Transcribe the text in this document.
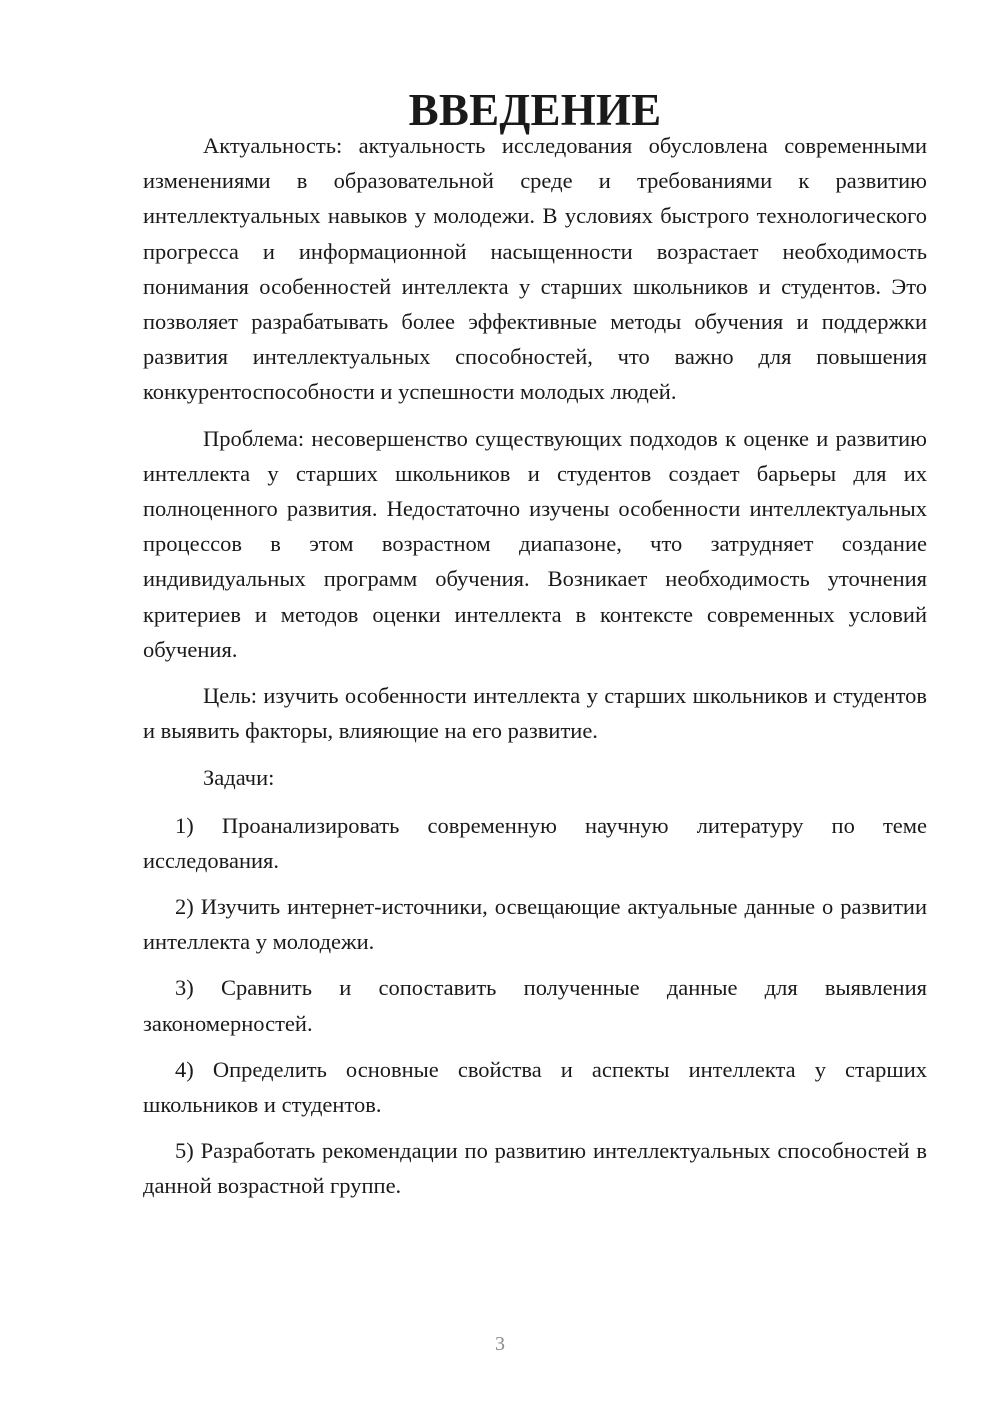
ВВЕДЕНИЕ

Актуальность: актуальность исследования обусловлена современными изменениями в образовательной среде и требованиями к развитию интеллектуальных навыков у молодежи. В условиях быстрого технологического прогресса и информационной насыщенности возрастает необходимость понимания особенностей интеллекта у старших школьников и студентов. Это позволяет разрабатывать более эффективные методы обучения и поддержки развития интеллектуальных способностей, что важно для повышения конкурентоспособности и успешности молодых людей.

Проблема: несовершенство существующих подходов к оценке и развитию интеллекта у старших школьников и студентов создает барьеры для их полноценного развития. Недостаточно изучены особенности интеллектуальных процессов в этом возрастном диапазоне, что затрудняет создание индивидуальных программ обучения. Возникает необходимость уточнения критериев и методов оценки интеллекта в контексте современных условий обучения.

Цель: изучить особенности интеллекта у старших школьников и студентов и выявить факторы, влияющие на его развитие.

Задачи:

1) Проанализировать современную научную литературу по теме исследования.

2) Изучить интернет-источники, освещающие актуальные данные о развитии интеллекта у молодежи.

3) Сравнить и сопоставить полученные данные для выявления закономерностей.

4) Определить основные свойства и аспекты интеллекта у старших школьников и студентов.

5) Разработать рекомендации по развитию интеллектуальных способностей в данной возрастной группе.

3
